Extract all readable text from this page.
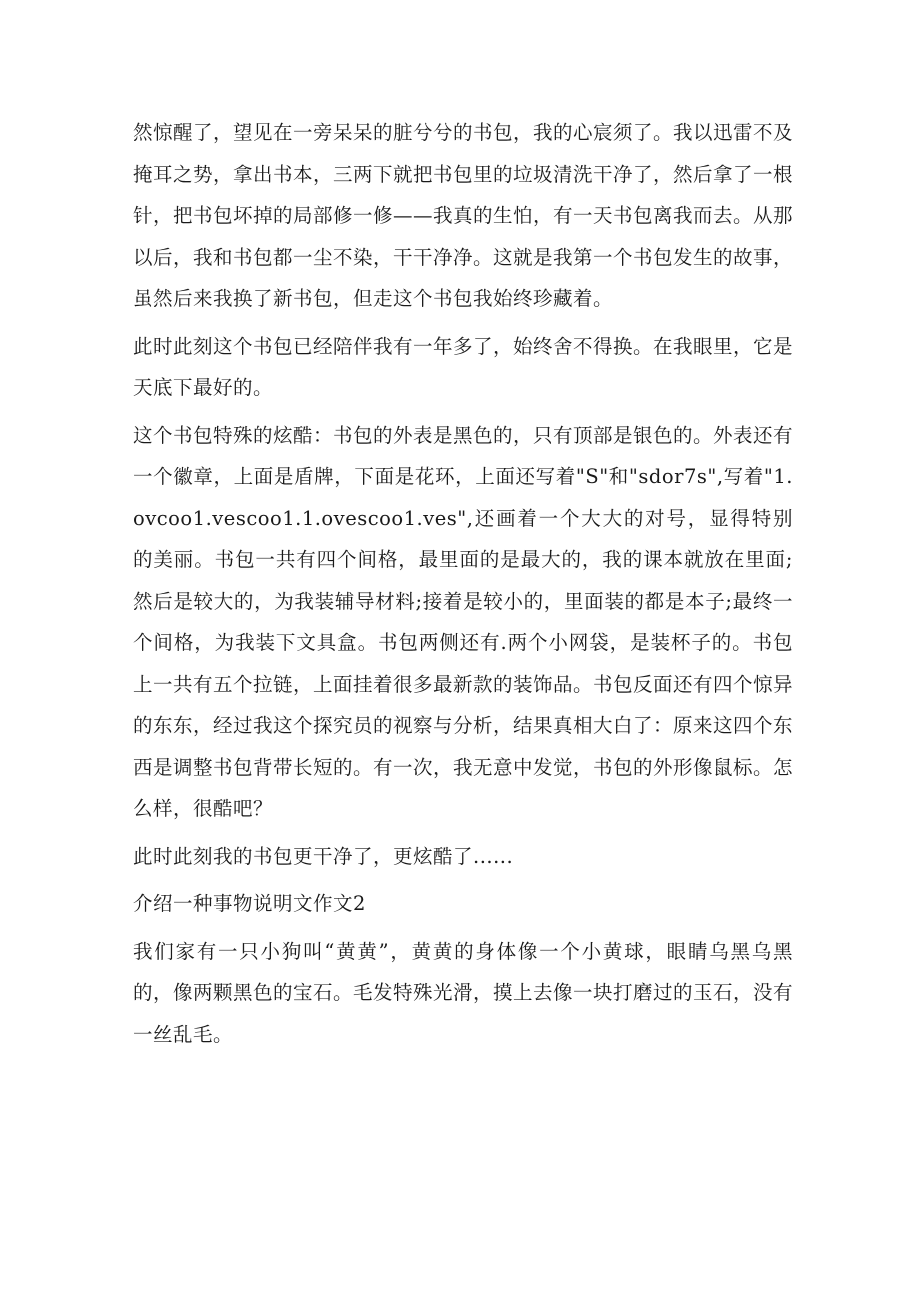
然惊醒了，望见在一旁呆呆的脏兮兮的书包，我的心宸须了。我以迅雷不及掩耳之势，拿出书本，三两下就把书包里的垃圾清洗干净了，然后拿了一根针，把书包坏掉的局部修一修——我真的生怕，有一天书包离我而去。从那以后，我和书包都一尘不染，干干净净。这就是我第一个书包发生的故事，虽然后来我换了新书包，但走这个书包我始终珍藏着。

此时此刻这个书包已经陪伴我有一年多了，始终舍不得换。在我眼里，它是天底下最好的。

这个书包特殊的炫酷：书包的外表是黑色的，只有顶部是银色的。外表还有一个徽章，上面是盾牌，下面是花环，上面还写着"S"和"sdor7s",写着"1.ovcoo1.vescoo1.1.ovescoo1.ves",还画着一个大大的对号，显得特别的美丽。书包一共有四个间格，最里面的是最大的，我的课本就放在里面;然后是较大的，为我装辅导材料;接着是较小的，里面装的都是本子;最终一个间格，为我装下文具盒。书包两侧还有.两个小网袋，是装杯子的。书包上一共有五个拉链，上面挂着很多最新款的装饰品。书包反面还有四个惊异的东东，经过我这个探究员的视察与分析，结果真相大白了：原来这四个东西是调整书包背带长短的。有一次，我无意中发觉，书包的外形像鼠标。怎么样，很酷吧？

此时此刻我的书包更干净了，更炫酷了......

介绍一种事物说明文作文2

我们家有一只小狗叫“黄黄”，黄黄的身体像一个小黄球，眼睛乌黑乌黑的，像两颗黑色的宝石。毛发特殊光滑，摸上去像一块打磨过的玉石，没有一丝乱毛。
